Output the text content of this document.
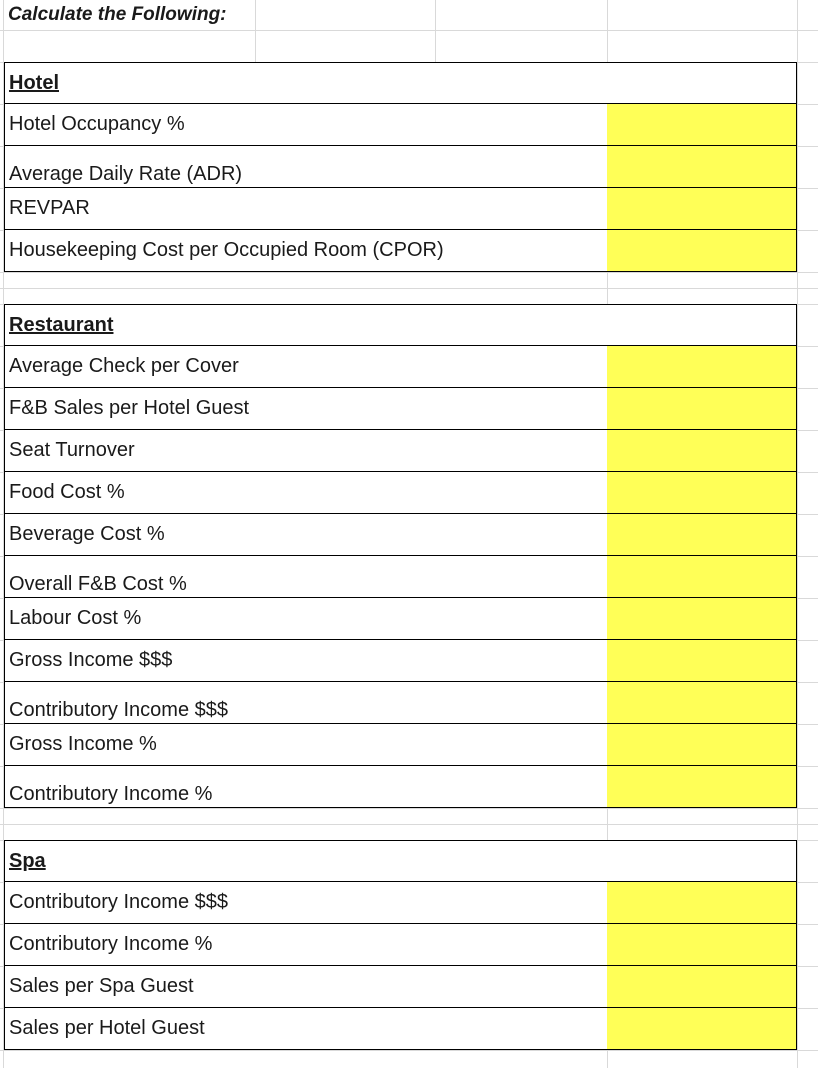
Calculate the Following:
Hotel
Hotel Occupancy %
Average Daily Rate (ADR)
REVPAR
Housekeeping Cost per Occupied Room (CPOR)
Restaurant
Average Check per Cover
F&B Sales per Hotel Guest
Seat Turnover
Food Cost %
Beverage Cost %
Overall F&B Cost %
Labour Cost %
Gross Income $$$
Contributory Income $$$
Gross Income %
Contributory Income %
Spa
Contributory Income $$$
Contributory Income %
Sales per Spa Guest
Sales per Hotel Guest
